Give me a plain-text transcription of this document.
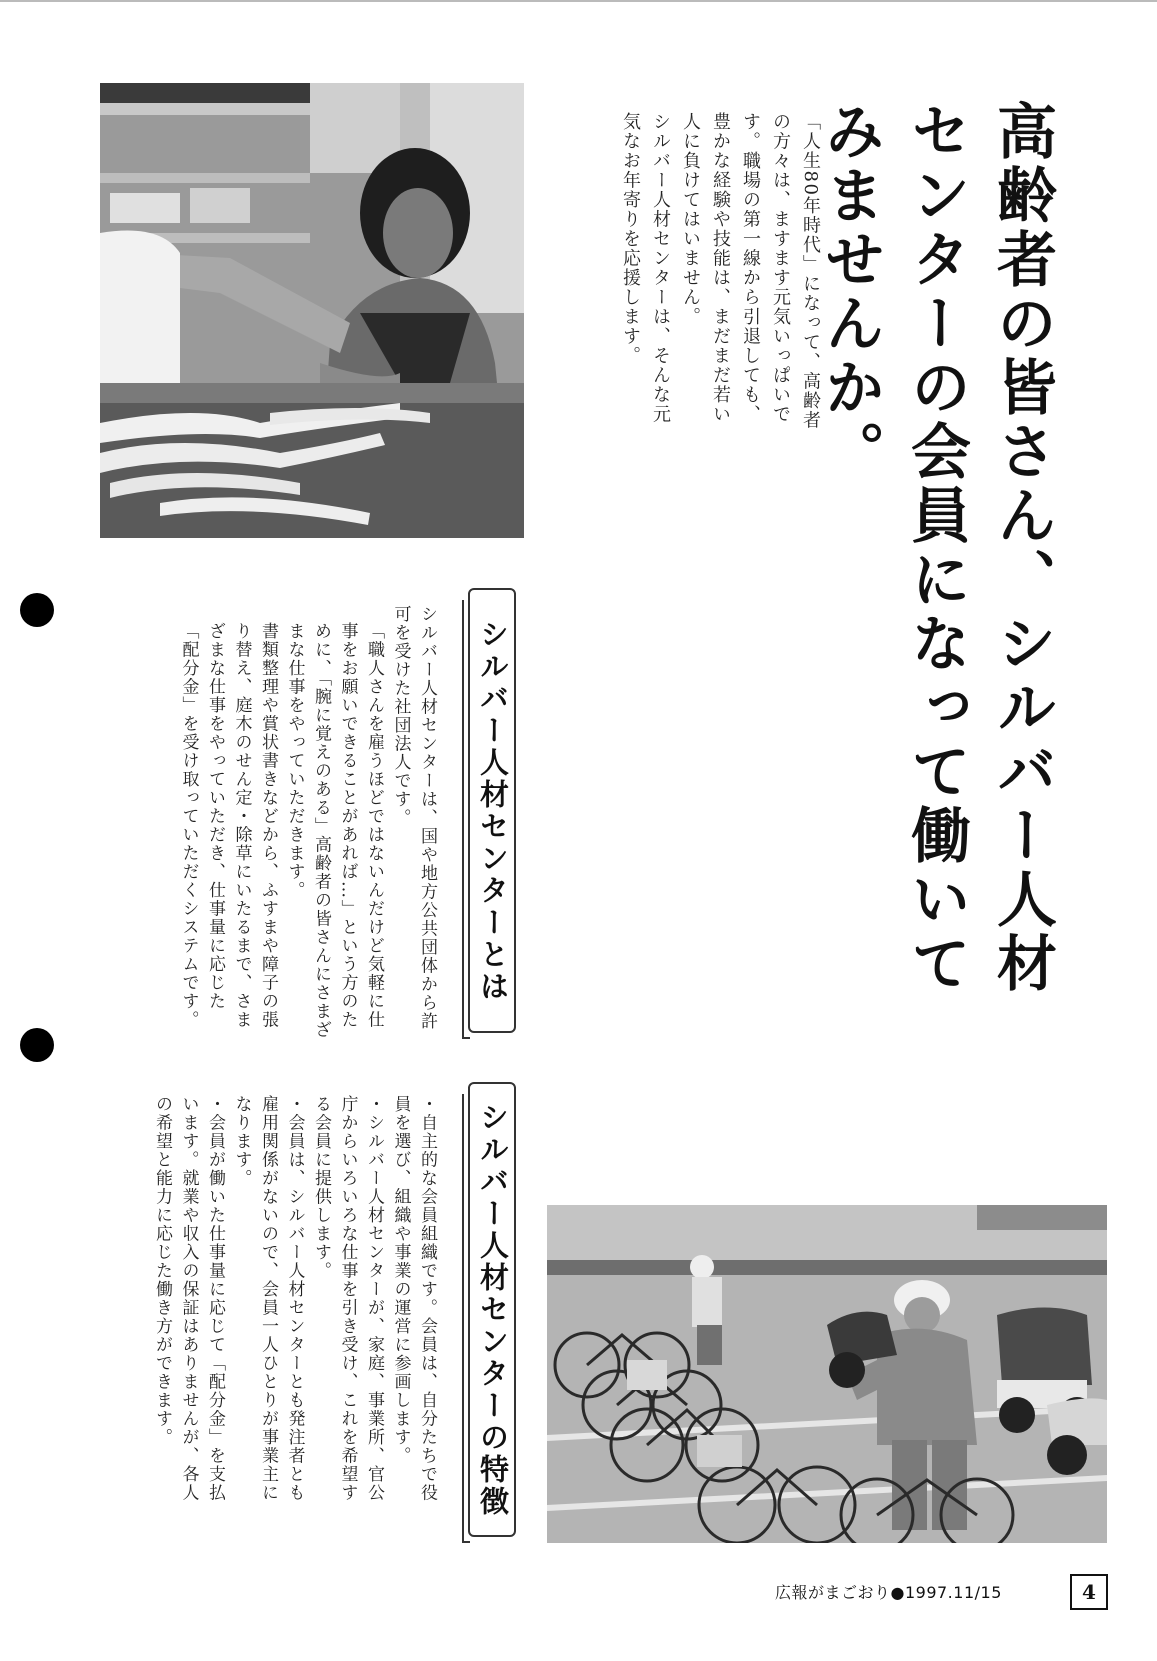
高齢者の皆さん、シルバー人材センターの会員になって働いてみませんか。

「人生80年時代」になって、高齢者の方々は、ますます元気いっぱいです。職場の第一線から引退しても、豊かな経験や技能は、まだまだ若い人に負けてはいません。

シルバー人材センターは、そんな元気なお年寄りを応援します。

シルバー人材センターとは

シルバー人材センターは、国や地方公共団体から許可を受けた社団法人です。

「職人さんを雇うほどではないんだけど気軽に仕事をお願いできることがあれば…」という方のために、「腕に覚えのある」高齢者の皆さんにさまざまな仕事をやっていただきます。

書類整理や賞状書きなどから、ふすまや障子の張り替え、庭木のせん定・除草にいたるまで、さまざまな仕事をやっていただき、仕事量に応じた「配分金」を受け取っていただくシステムです。

シルバー人材センターの特徴

・自主的な会員組織です。会員は、自分たちで役員を選び、組織や事業の運営に参画します。

・シルバー人材センターが、家庭、事業所、官公庁からいろいろな仕事を引き受け、これを希望する会員に提供します。

・会員は、シルバー人材センターとも発注者とも雇用関係がないので、会員一人ひとりが事業主になります。

・会員が働いた仕事量に応じて「配分金」を支払います。就業や収入の保証はありませんが、各人の希望と能力に応じた働き方ができます。

広報がまごおり●1997.11/15	4
